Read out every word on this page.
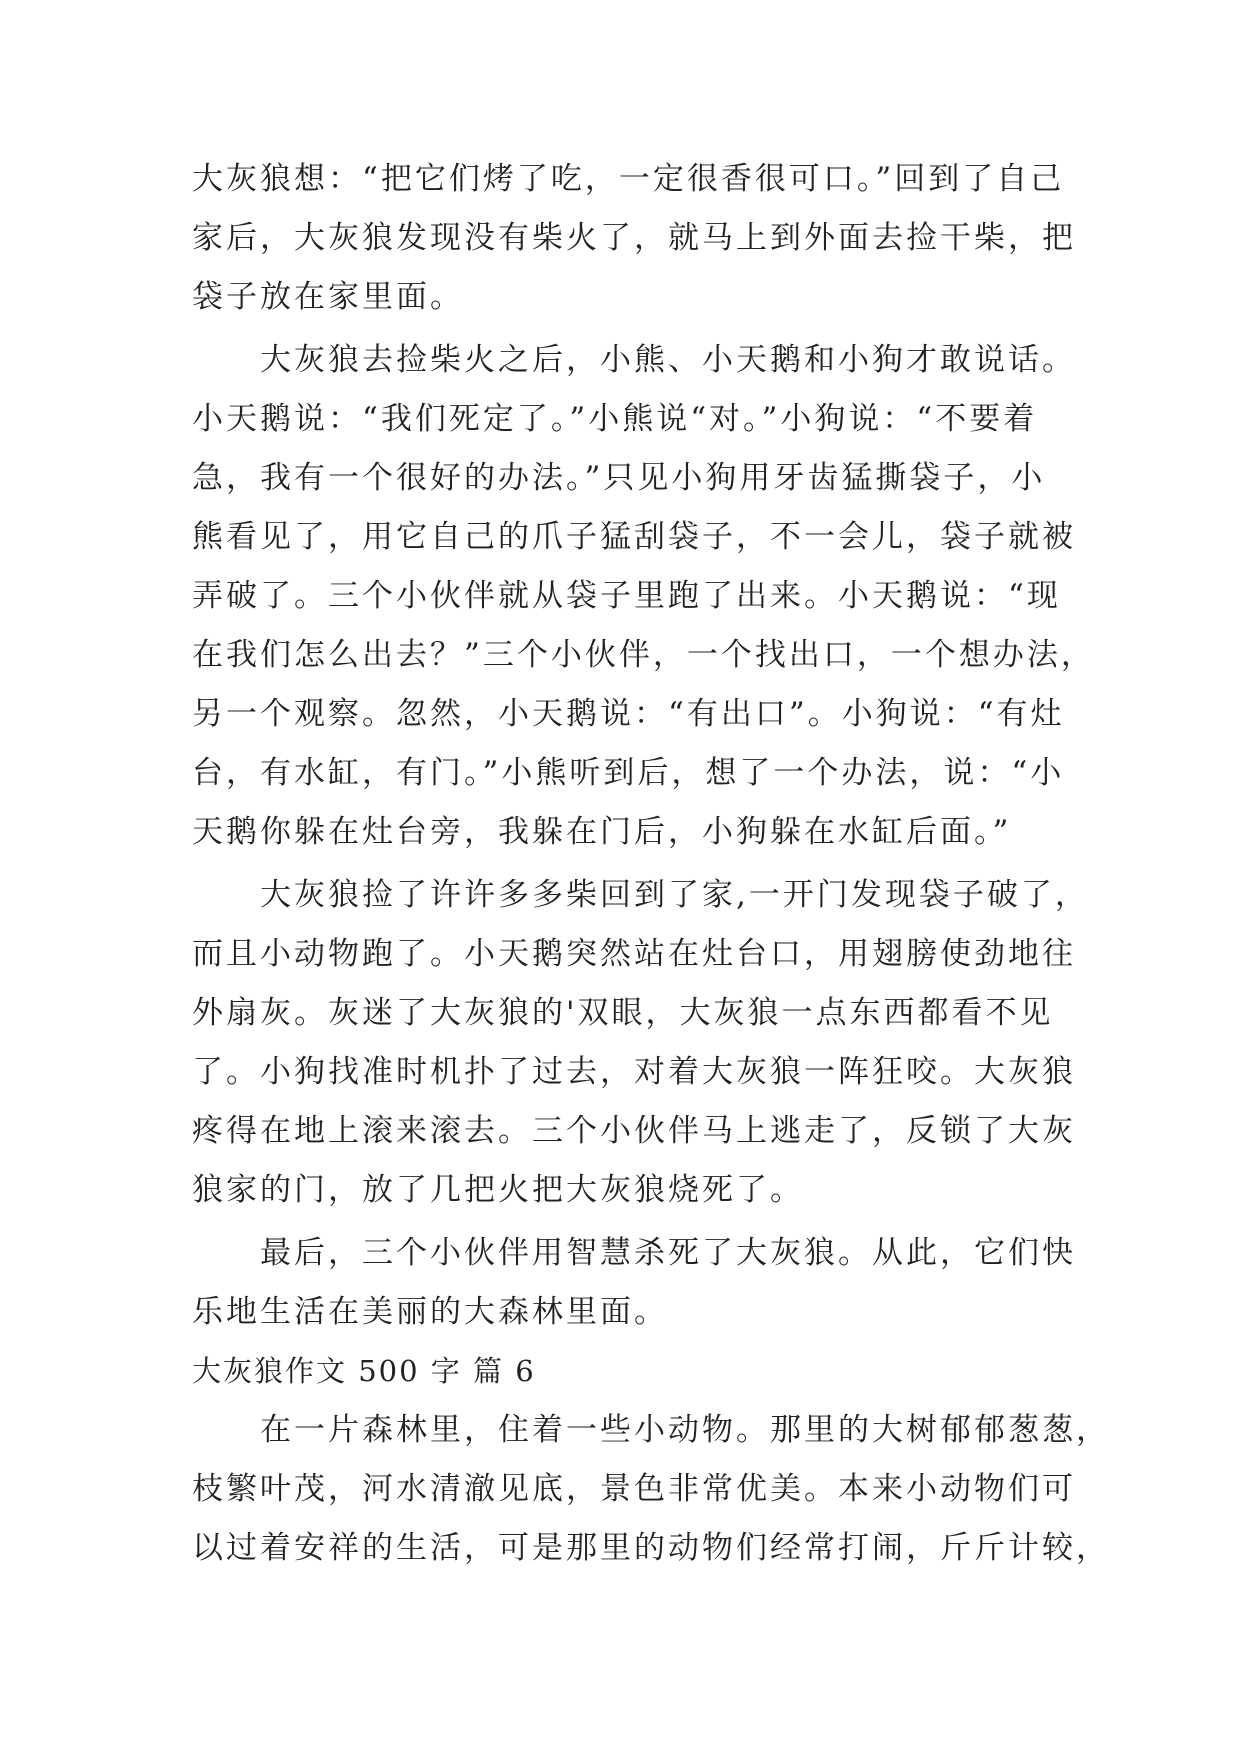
大灰狼想：“把它们烤了吃，一定很香很可口。”回到了自己
家后，大灰狼发现没有柴火了，就马上到外面去捡干柴，把
袋子放在家里面。
　　大灰狼去捡柴火之后，小熊、小天鹅和小狗才敢说话。
小天鹅说：“我们死定了。”小熊说“对。”小狗说：“不要着
急，我有一个很好的办法。”只见小狗用牙齿猛撕袋子，小
熊看见了，用它自己的爪子猛刮袋子，不一会儿，袋子就被
弄破了。三个小伙伴就从袋子里跑了出来。小天鹅说：“现
在我们怎么出去？”三个小伙伴，一个找出口，一个想办法，
另一个观察。忽然，小天鹅说：“有出口”。小狗说：“有灶
台，有水缸，有门。”小熊听到后，想了一个办法，说：“小
天鹅你躲在灶台旁，我躲在门后，小狗躲在水缸后面。”
　　大灰狼捡了许许多多柴回到了家,一开门发现袋子破了，
而且小动物跑了。小天鹅突然站在灶台口，用翅膀使劲地往
外扇灰。灰迷了大灰狼的'双眼，大灰狼一点东西都看不见
了。小狗找准时机扑了过去，对着大灰狼一阵狂咬。大灰狼
疼得在地上滚来滚去。三个小伙伴马上逃走了，反锁了大灰
狼家的门，放了几把火把大灰狼烧死了。
　　最后，三个小伙伴用智慧杀死了大灰狼。从此，它们快
乐地生活在美丽的大森林里面。
大灰狼作文 500 字 篇 6
　　在一片森林里，住着一些小动物。那里的大树郁郁葱葱，
枝繁叶茂，河水清澈见底，景色非常优美。本来小动物们可
以过着安祥的生活，可是那里的动物们经常打闹，斤斤计较，
